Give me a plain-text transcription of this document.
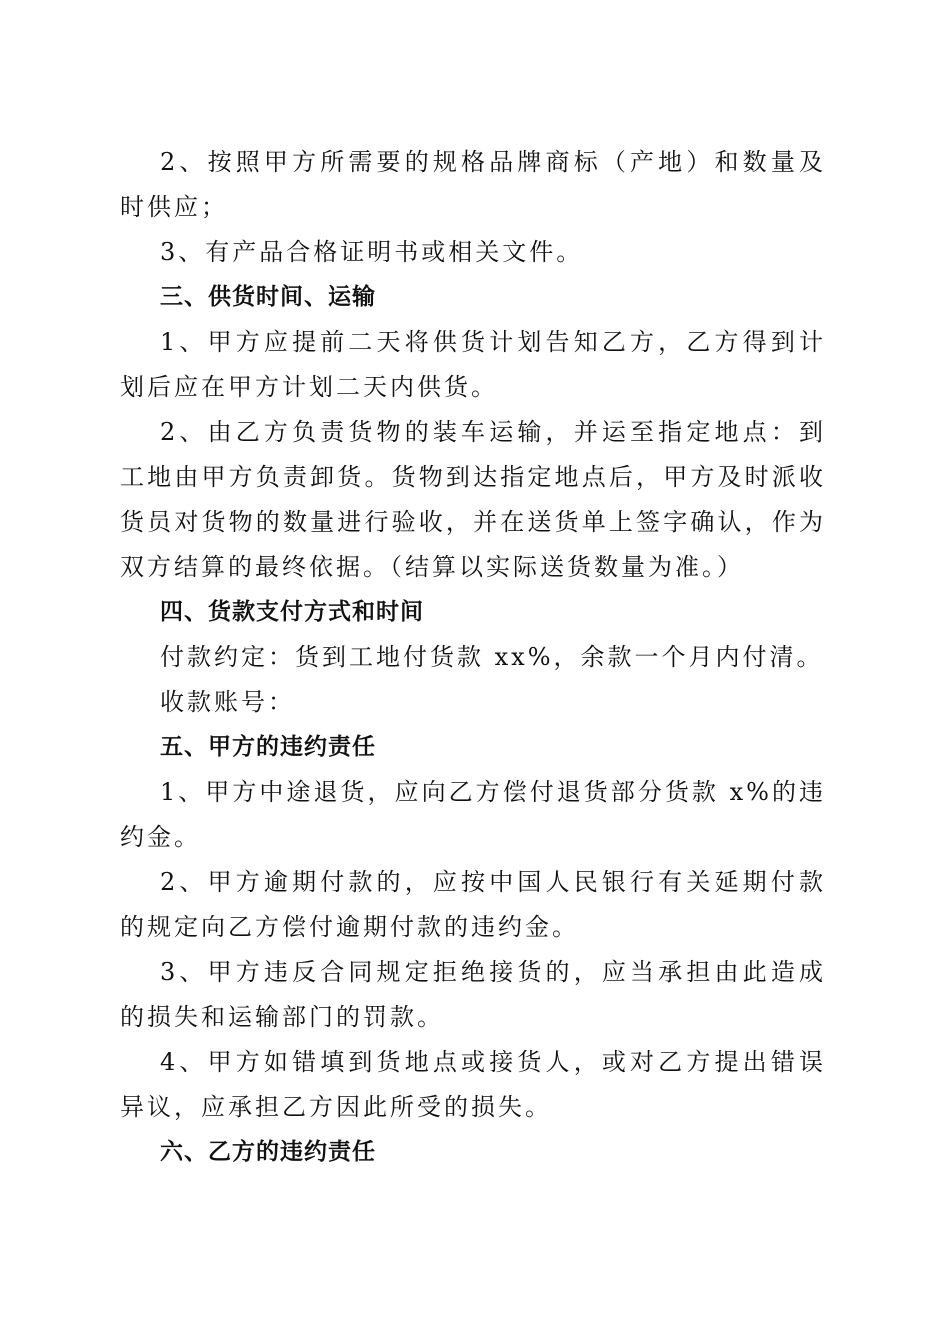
2、按照甲方所需要的规格品牌商标（产地）和数量及时供应；

3、有产品合格证明书或相关文件。

三、供货时间、运输

1、甲方应提前二天将供货计划告知乙方，乙方得到计划后应在甲方计划二天内供货。

2、由乙方负责货物的装车运输，并运至指定地点：到工地由甲方负责卸货。货物到达指定地点后，甲方及时派收货员对货物的数量进行验收，并在送货单上签字确认，作为双方结算的最终依据。（结算以实际送货数量为准。）

四、货款支付方式和时间

付款约定：货到工地付货款 xx%，余款一个月内付清。

收款账号：

五、甲方的违约责任

1、甲方中途退货，应向乙方偿付退货部分货款 x%的违约金。

2、甲方逾期付款的，应按中国人民银行有关延期付款的规定向乙方偿付逾期付款的违约金。

3、甲方违反合同规定拒绝接货的，应当承担由此造成的损失和运输部门的罚款。

4、甲方如错填到货地点或接货人，或对乙方提出错误异议，应承担乙方因此所受的损失。

六、乙方的违约责任
